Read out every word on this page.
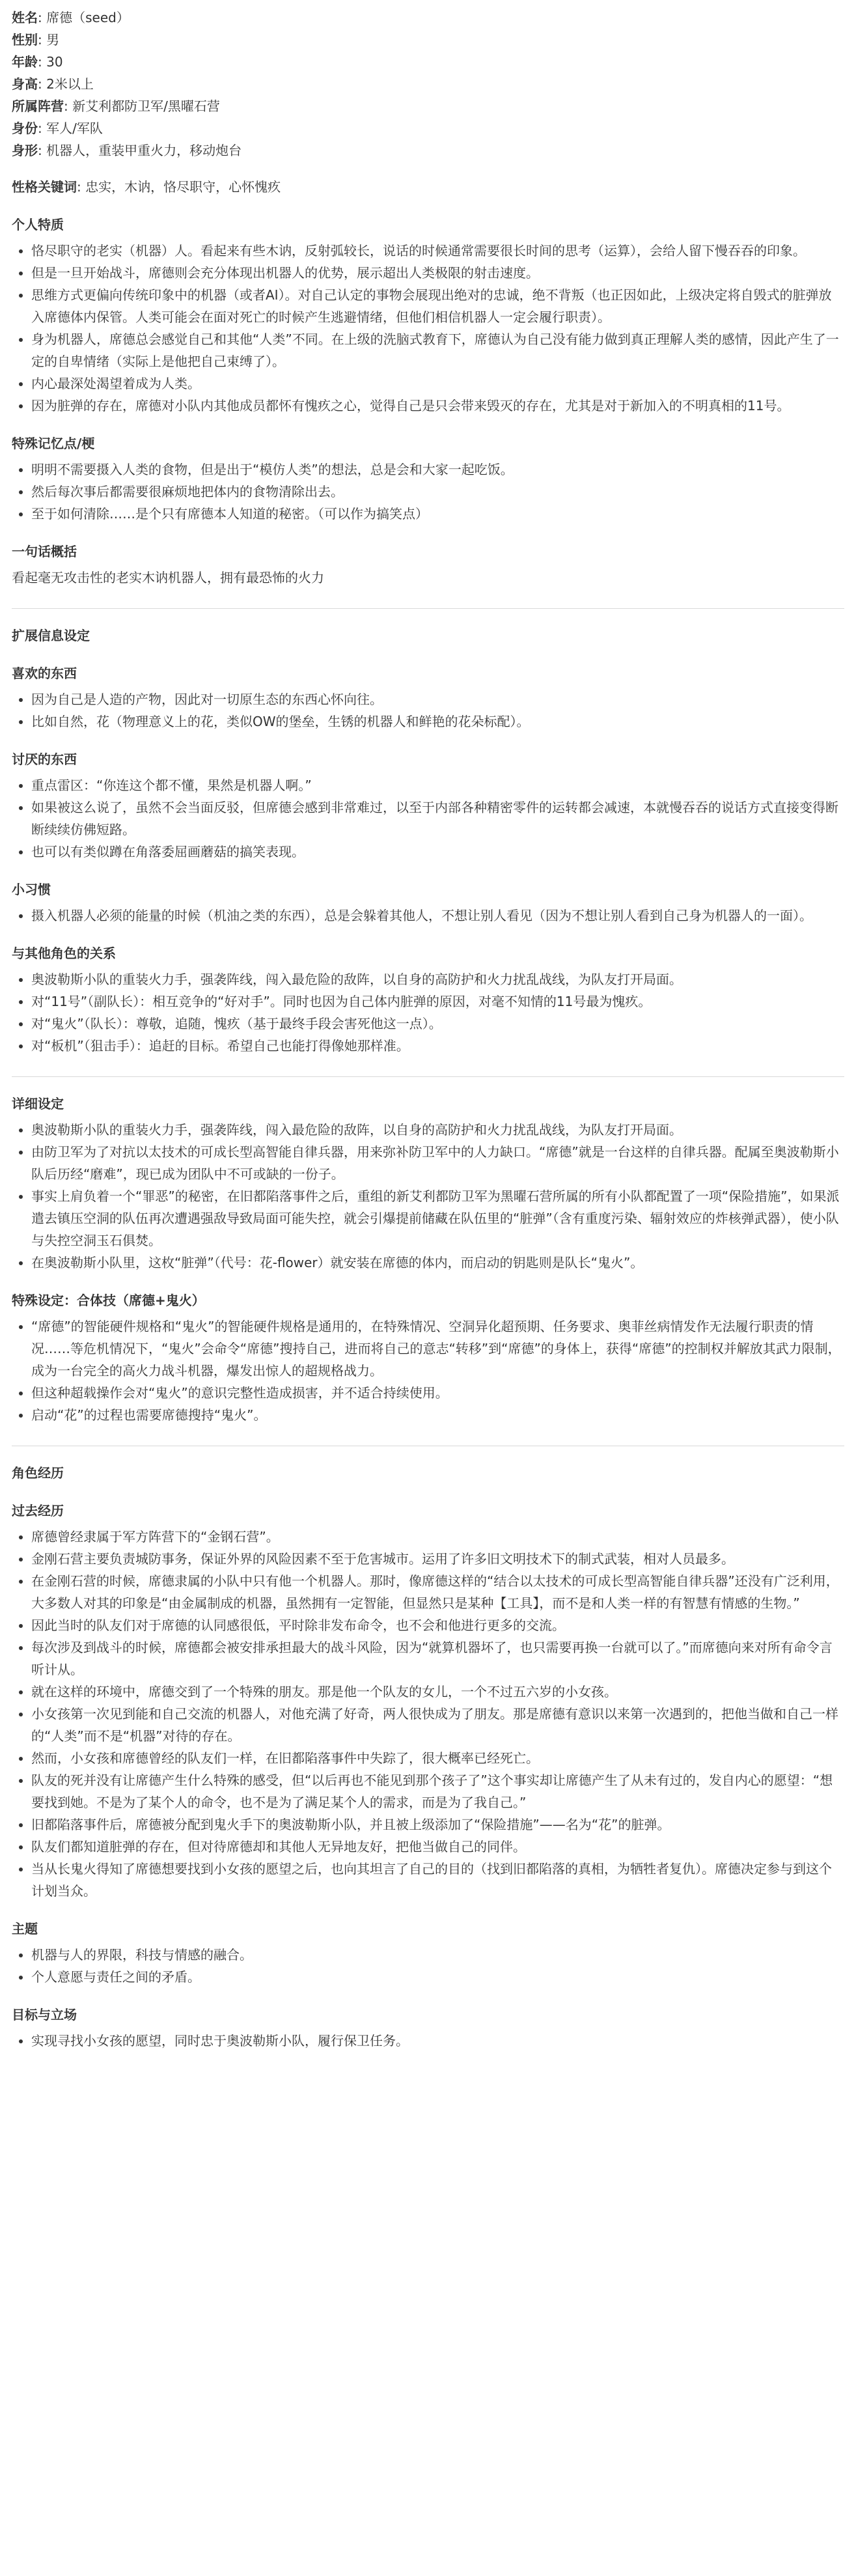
姓名: 席德（seed）
性别: 男
年龄: 30
身高: 2米以上
所属阵营: 新艾利都防卫军/黑曜石营
身份: 军人/军队
身形: 机器人，重装甲重火力，移动炮台
性格关键词: 忠实，木讷，恪尽职守，心怀愧疚
个人特质
• 恪尽职守的老实（机器）人。看起来有些木讷，反射弧较长，说话的时候通常需要很长时间的思考（运算），会给人留下慢吞吞的印象。
• 但是一旦开始战斗，席德则会充分体现出机器人的优势，展示超出人类极限的射击速度。
• 思维方式更偏向传统印象中的机器（或者AI）。对自己认定的事物会展现出绝对的忠诚，绝不背叛（也正因如此，上级决定将自毁式的脏弹放入席德体内保管。人类可能会在面对死亡的时候产生逃避情绪，但他们相信机器人一定会履行职责）。
• 身为机器人，席德总会感觉自己和其他“人类”不同。在上级的洗脑式教育下，席德认为自己没有能力做到真正理解人类的感情，因此产生了一定的自卑情绪（实际上是他把自己束缚了）。
• 内心最深处渴望着成为人类。
• 因为脏弹的存在，席德对小队内其他成员都怀有愧疚之心，觉得自己是只会带来毁灭的存在，尤其是对于新加入的不明真相的11号。
特殊记忆点/梗
• 明明不需要摄入人类的食物，但是出于“模仿人类”的想法，总是会和大家一起吃饭。
• 然后每次事后都需要很麻烦地把体内的食物清除出去。
• 至于如何清除……是个只有席德本人知道的秘密。（可以作为搞笑点）
一句话概括

看起毫无攻击性的老实木讷机器人，拥有最恐怖的火力

扩展信息设定
喜欢的东西
• 因为自己是人造的产物，因此对一切原生态的东西心怀向往。
• 比如自然，花（物理意义上的花，类似OW的堡垒，生锈的机器人和鲜艳的花朵标配）。
讨厌的东西
• 重点雷区：“你连这个都不懂，果然是机器人啊。”
• 如果被这么说了，虽然不会当面反驳，但席德会感到非常难过，以至于内部各种精密零件的运转都会减速，本就慢吞吞的说话方式直接变得断断续续仿佛短路。
• 也可以有类似蹲在角落委屈画蘑菇的搞笑表现。
小习惯
• 摄入机器人必须的能量的时候（机油之类的东西），总是会躲着其他人，不想让别人看见（因为不想让别人看到自己身为机器人的一面）。
与其他角色的关系
• 奥波勒斯小队的重装火力手，强袭阵线，闯入最危险的敌阵，以自身的高防护和火力扰乱战线，为队友打开局面。
• 对“11号”（副队长）：相互竞争的“好对手”。同时也因为自己体内脏弹的原因，对毫不知情的11号最为愧疚。
• 对“鬼火”（队长）：尊敬，追随，愧疚（基于最终手段会害死他这一点）。
• 对“板机”（狙击手）：追赶的目标。希望自己也能打得像她那样准。
详细设定
• 奥波勒斯小队的重装火力手，强袭阵线，闯入最危险的敌阵，以自身的高防护和火力扰乱战线，为队友打开局面。
• 由防卫军为了对抗以太技术的可成长型高智能自律兵器，用来弥补防卫军中的人力缺口。“席德”就是一台这样的自律兵器。配属至奥波勒斯小队后历经“磨难”，现已成为团队中不可或缺的一份子。
• 事实上肩负着一个“罪恶”的秘密，在旧都陷落事件之后，重组的新艾利都防卫军为黑曜石营所属的所有小队都配置了一项“保险措施”，如果派遣去镇压空洞的队伍再次遭遇强敌导致局面可能失控，就会引爆提前储藏在队伍里的“脏弹”（含有重度污染、辐射效应的炸核弹武器），使小队与失控空洞玉石俱焚。
• 在奥波勒斯小队里，这枚“脏弹”（代号：花-flower）就安装在席德的体内，而启动的钥匙则是队长“鬼火”。
特殊设定：合体技（席德+鬼火）
• “席德”的智能硬件规格和“鬼火”的智能硬件规格是通用的，在特殊情况、空洞异化超预期、任务要求、奥菲丝病情发作无法履行职责的情况……等危机情况下，“鬼火”会命令“席德”搜持自己，进而将自己的意志“转移”到“席德”的身体上，获得“席德”的控制权并解放其武力限制，成为一台完全的高火力战斗机器，爆发出惊人的超规格战力。
• 但这种超载操作会对“鬼火”的意识完整性造成损害，并不适合持续使用。
• 启动“花”的过程也需要席德搜持“鬼火”。
角色经历
过去经历
• 席德曾经隶属于军方阵营下的“金钢石营”。
• 金刚石营主要负责城防事务，保证外界的风险因素不至于危害城市。运用了许多旧文明技术下的制式武装，相对人员最多。
• 在金刚石营的时候，席德隶属的小队中只有他一个机器人。那时，像席德这样的“结合以太技术的可成长型高智能自律兵器”还没有广泛利用，大多数人对其的印象是“由金属制成的机器，虽然拥有一定智能，但显然只是某种【工具】，而不是和人类一样的有智慧有情感的生物。”
• 因此当时的队友们对于席德的认同感很低，平时除非发布命令，也不会和他进行更多的交流。
• 每次涉及到战斗的时候，席德都会被安排承担最大的战斗风险，因为“就算机器坏了，也只需要再换一台就可以了。”而席德向来对所有命令言听计从。
• 就在这样的环境中，席德交到了一个特殊的朋友。那是他一个队友的女儿，一个不过五六岁的小女孩。
• 小女孩第一次见到能和自己交流的机器人，对他充满了好奇，两人很快成为了朋友。那是席德有意识以来第一次遇到的，把他当做和自己一样的“人类”而不是“机器”对待的存在。
• 然而，小女孩和席德曾经的队友们一样，在旧都陷落事件中失踪了，很大概率已经死亡。
• 队友的死并没有让席德产生什么特殊的感受，但“以后再也不能见到那个孩子了”这个事实却让席德产生了从未有过的，发自内心的愿望：“想要找到她。不是为了某个人的命令，也不是为了满足某个人的需求，而是为了我自己。”
• 旧都陷落事件后，席德被分配到鬼火手下的奥波勒斯小队，并且被上级添加了“保险措施”——名为“花”的脏弹。
• 队友们都知道脏弹的存在，但对待席德却和其他人无异地友好，把他当做自己的同伴。
• 当从长鬼火得知了席德想要找到小女孩的愿望之后，也向其坦言了自己的目的（找到旧都陷落的真相，为牺牲者复仇）。席德决定参与到这个计划当众。
主题
• 机器与人的界限，科技与情感的融合。
• 个人意愿与责任之间的矛盾。
目标与立场
• 实现寻找小女孩的愿望，同时忠于奥波勒斯小队，履行保卫任务。
